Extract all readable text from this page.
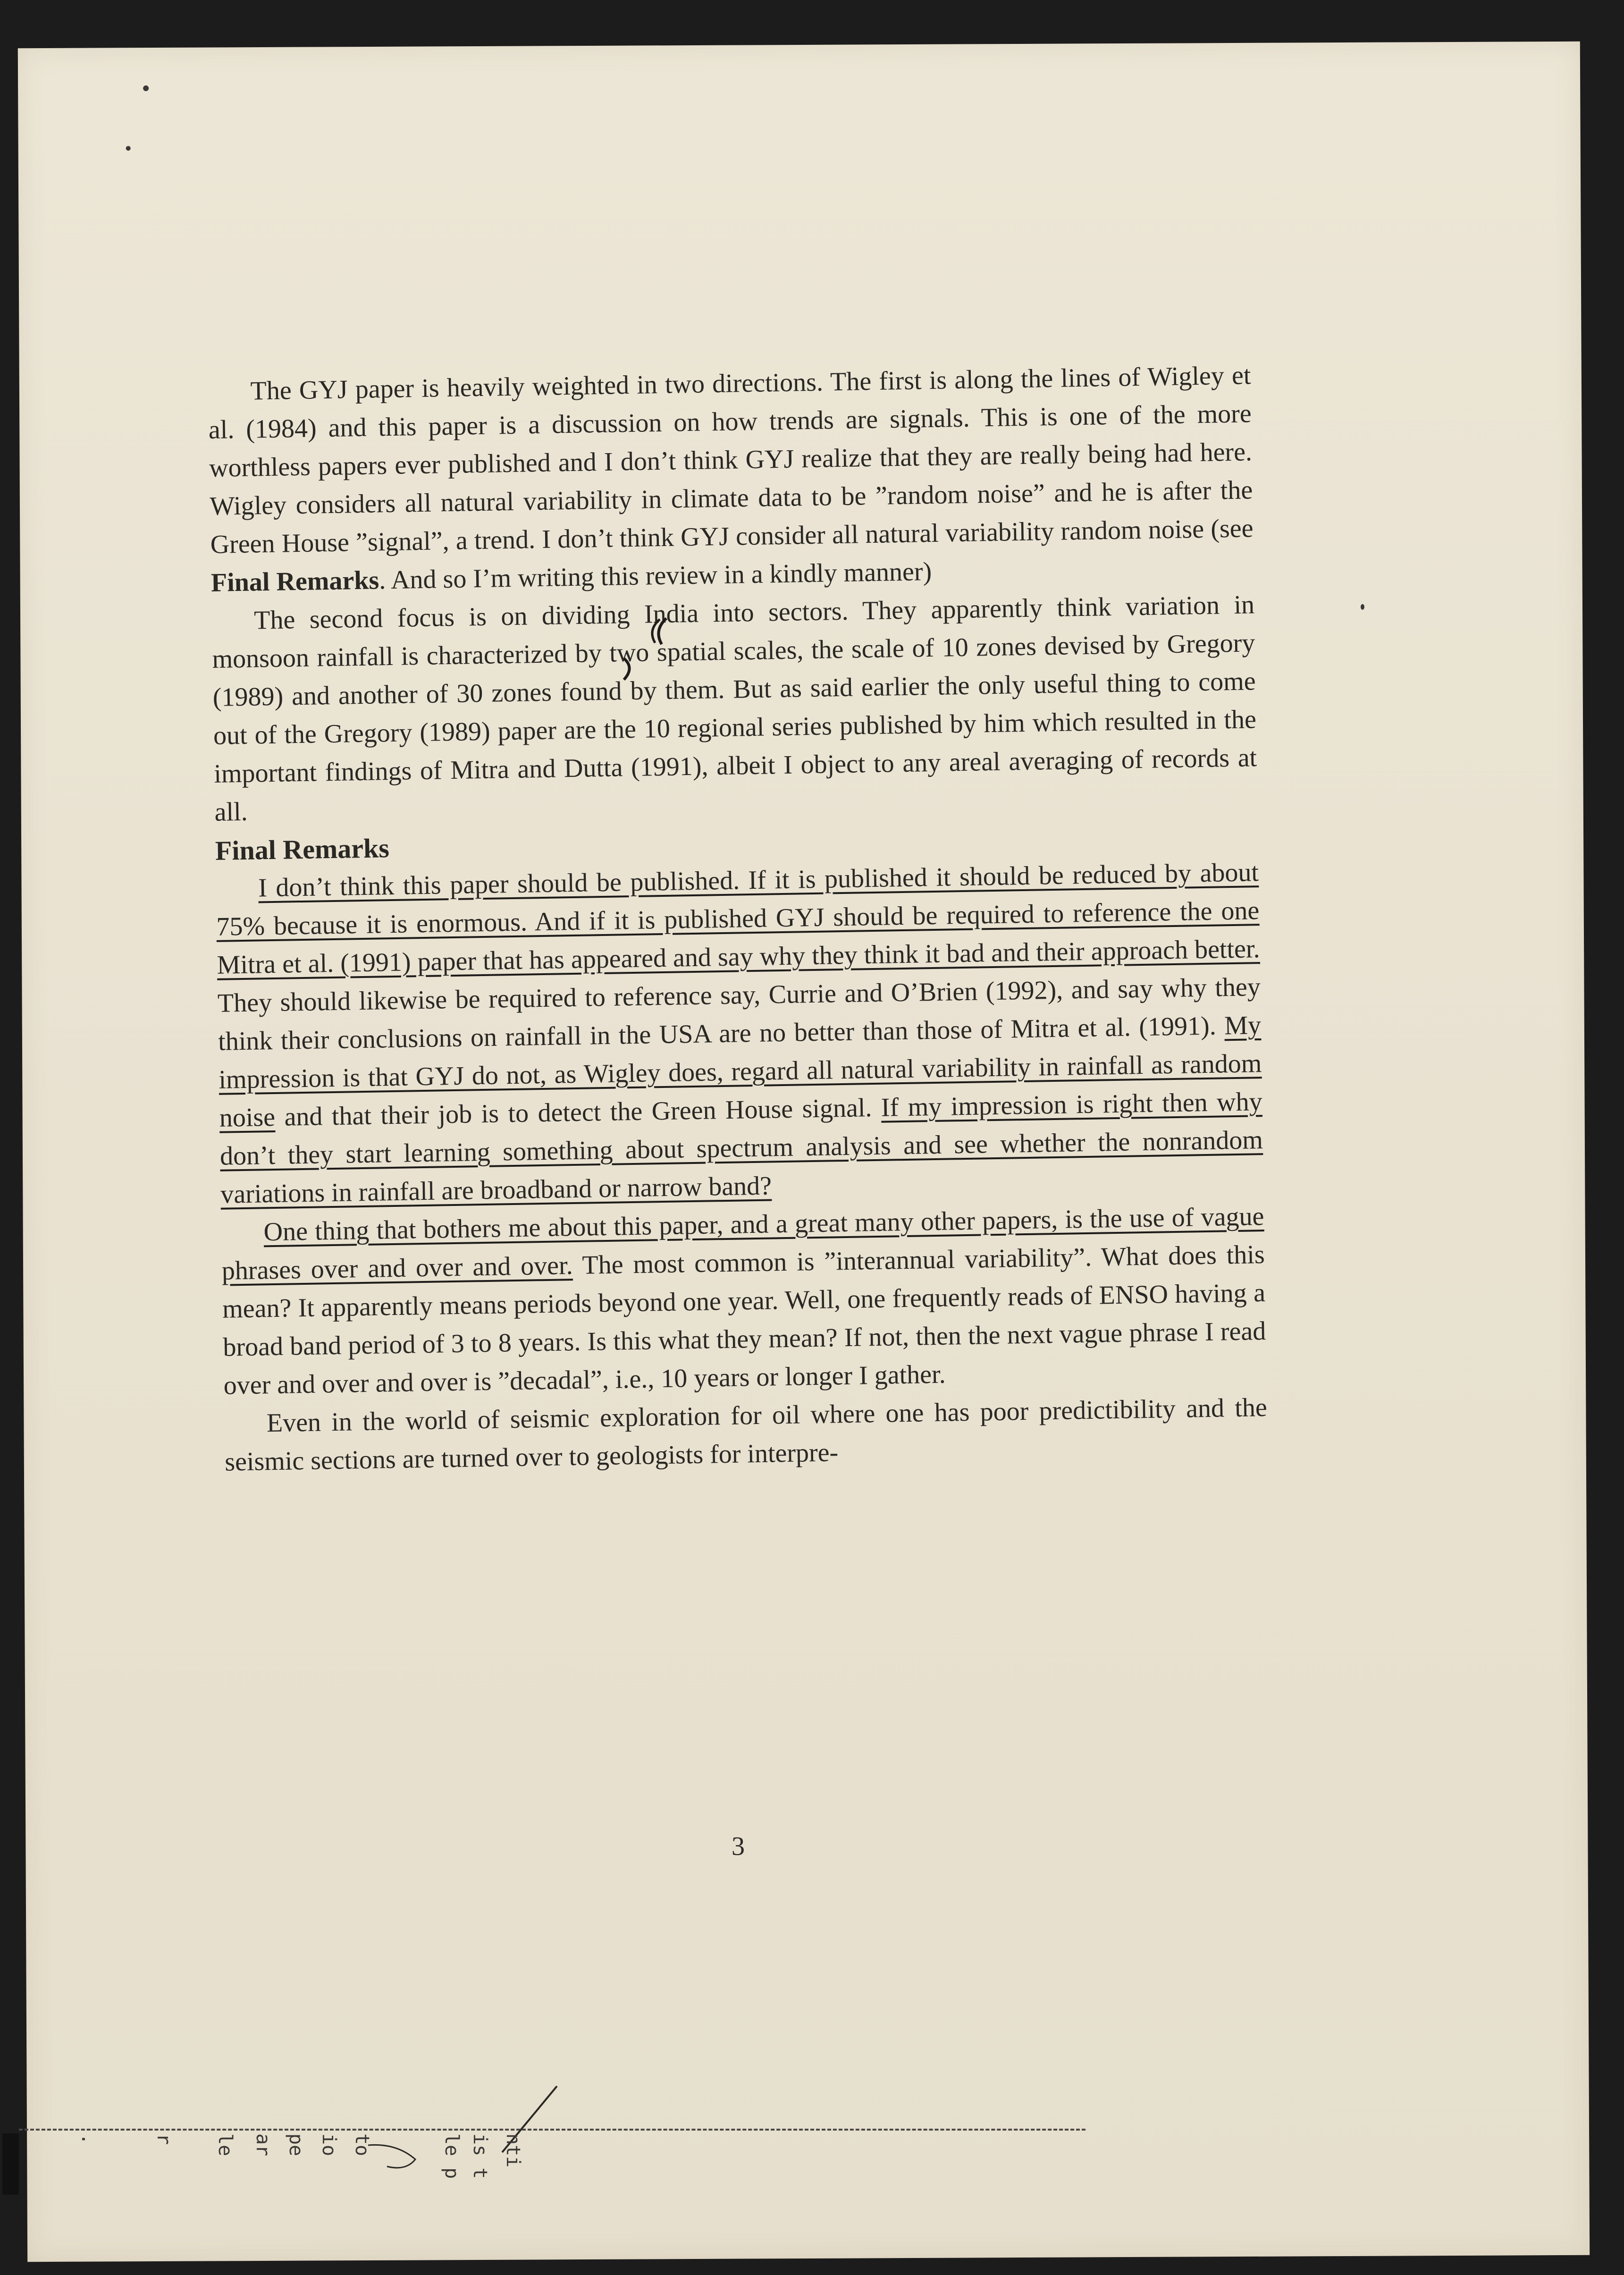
The GYJ paper is heavily weighted in two directions. The first is along the lines of Wigley et al. (1984) and this paper is a discussion on how trends are signals. This is one of the more worthless papers ever published and I don’t think GYJ realize that they are really being had here. Wigley considers all natural variability in climate data to be ”random noise” and he is after the Green House ”signal”, a trend. I don’t think GYJ consider all natural variability random noise (see Final Remarks. And so I’m writing this review in a kindly manner)

The second focus is on dividing India into sectors. They apparently think variation in monsoon rainfall is characterized by two spatial scales, the scale of 10 zones devised by Gregory (1989) and another of 30 zones found by them. But as said earlier the only useful thing to come out of the Gregory (1989) paper are the 10 regional series published by him which resulted in the important findings of Mitra and Dutta (1991), albeit I object to any areal averaging of records at all.

Final Remarks

I don’t think this paper should be published. If it is published it should be reduced by about 75% because it is enormous. And if it is published GYJ should be required to reference the one Mitra et al. (1991) paper that has appeared and say why they think it bad and their approach better. They should likewise be required to reference say, Currie and O’Brien (1992), and say why they think their conclusions on rainfall in the USA are no better than those of Mitra et al. (1991). My impression is that GYJ do not, as Wigley does, regard all natural variability in rainfall as random noise and that their job is to detect the Green House signal. If my impression is right then why don’t they start learning something about spectrum analysis and see whether the nonrandom variations in rainfall are broadband or narrow band?

One thing that bothers me about this paper, and a great many other papers, is the use of vague phrases over and over and over. The most common is ”interannual variability”. What does this mean? It apparently means periods beyond one year. Well, one frequently reads of ENSO having a broad band period of 3 to 8 years. Is this what they mean? If not, then the next vague phrase I read over and over and over is ”decadal”, i.e., 10 years or longer I gather.

Even in the world of seismic exploration for oil where one has poor predictibility and the seismic sections are turned over to geologists for interpre-

3
.	r le ar pe io to	le p is t nti
